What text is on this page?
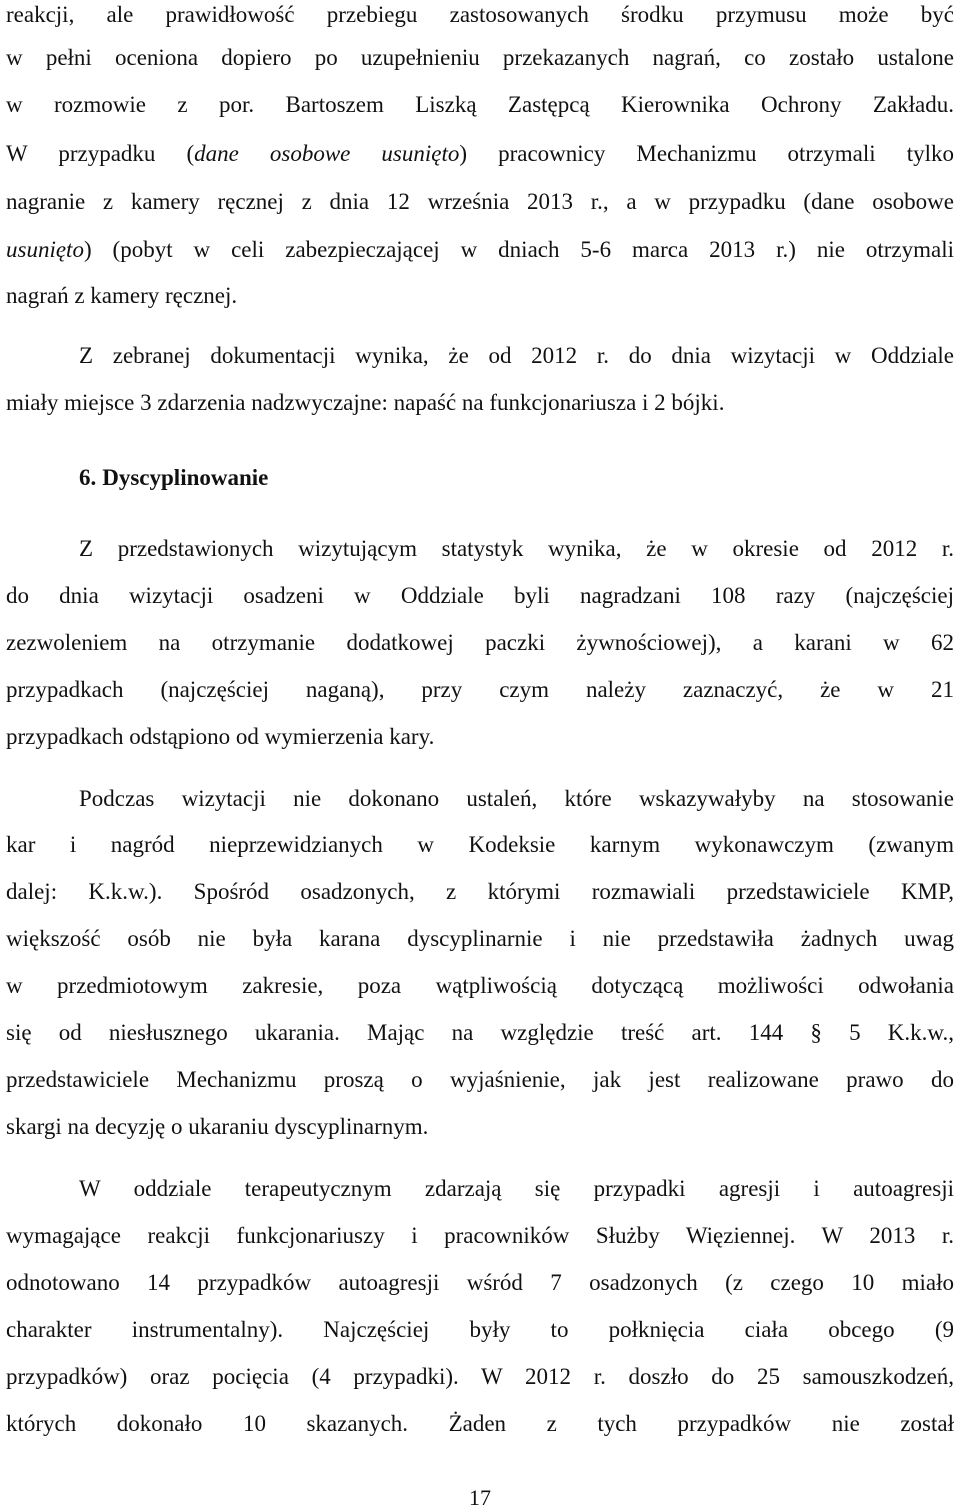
reakcji, ale prawidłowość przebiegu zastosowanych środku przymusu może być
w pełni oceniona dopiero po uzupełnieniu przekazanych nagrań, co zostało ustalone
w rozmowie z por. Bartoszem Liszką Zastępcą Kierownika Ochrony Zakładu.
W przypadku (dane osobowe usunięto) pracownicy Mechanizmu otrzymali tylko
nagranie z kamery ręcznej z dnia 12 września 2013 r., a w przypadku (dane osobowe
usunięto) (pobyt w celi zabezpieczającej w dniach 5-6 marca 2013 r.) nie otrzymali
nagrań z kamery ręcznej.
Z zebranej dokumentacji wynika, że od 2012 r. do dnia wizytacji w Oddziale
miały miejsce 3 zdarzenia nadzwyczajne: napaść na funkcjonariusza i 2 bójki.
6. Dyscyplinowanie
Z przedstawionych wizytującym statystyk wynika, że w okresie od 2012 r.
do dnia wizytacji osadzeni w Oddziale byli nagradzani 108 razy (najczęściej
zezwoleniem na otrzymanie dodatkowej paczki żywnościowej), a karani w 62
przypadkach (najczęściej naganą), przy czym należy zaznaczyć, że w 21
przypadkach odstąpiono od wymierzenia kary.
Podczas wizytacji nie dokonano ustaleń, które wskazywałyby na stosowanie
kar i nagród nieprzewidzianych w Kodeksie karnym wykonawczym (zwanym
dalej: K.k.w.). Spośród osadzonych, z którymi rozmawiali przedstawiciele KMP,
większość osób nie była karana dyscyplinarnie i nie przedstawiła żadnych uwag
w przedmiotowym zakresie, poza wątpliwością dotyczącą możliwości odwołania
się od niesłusznego ukarania. Mając na względzie treść art. 144 § 5 K.k.w.,
przedstawiciele Mechanizmu proszą o wyjaśnienie, jak jest realizowane prawo do
skargi na decyzję o ukaraniu dyscyplinarnym.
W oddziale terapeutycznym zdarzają się przypadki agresji i autoagresji
wymagające reakcji funkcjonariuszy i pracowników Służby Więziennej. W 2013 r.
odnotowano 14 przypadków autoagresji wśród 7 osadzonych (z czego 10 miało
charakter instrumentalny). Najczęściej były to połknięcia ciała obcego (9
przypadków) oraz pocięcia (4 przypadki). W 2012 r. doszło do 25 samouszkodzeń,
których dokonało 10 skazanych. Żaden z tych przypadków nie został
17
